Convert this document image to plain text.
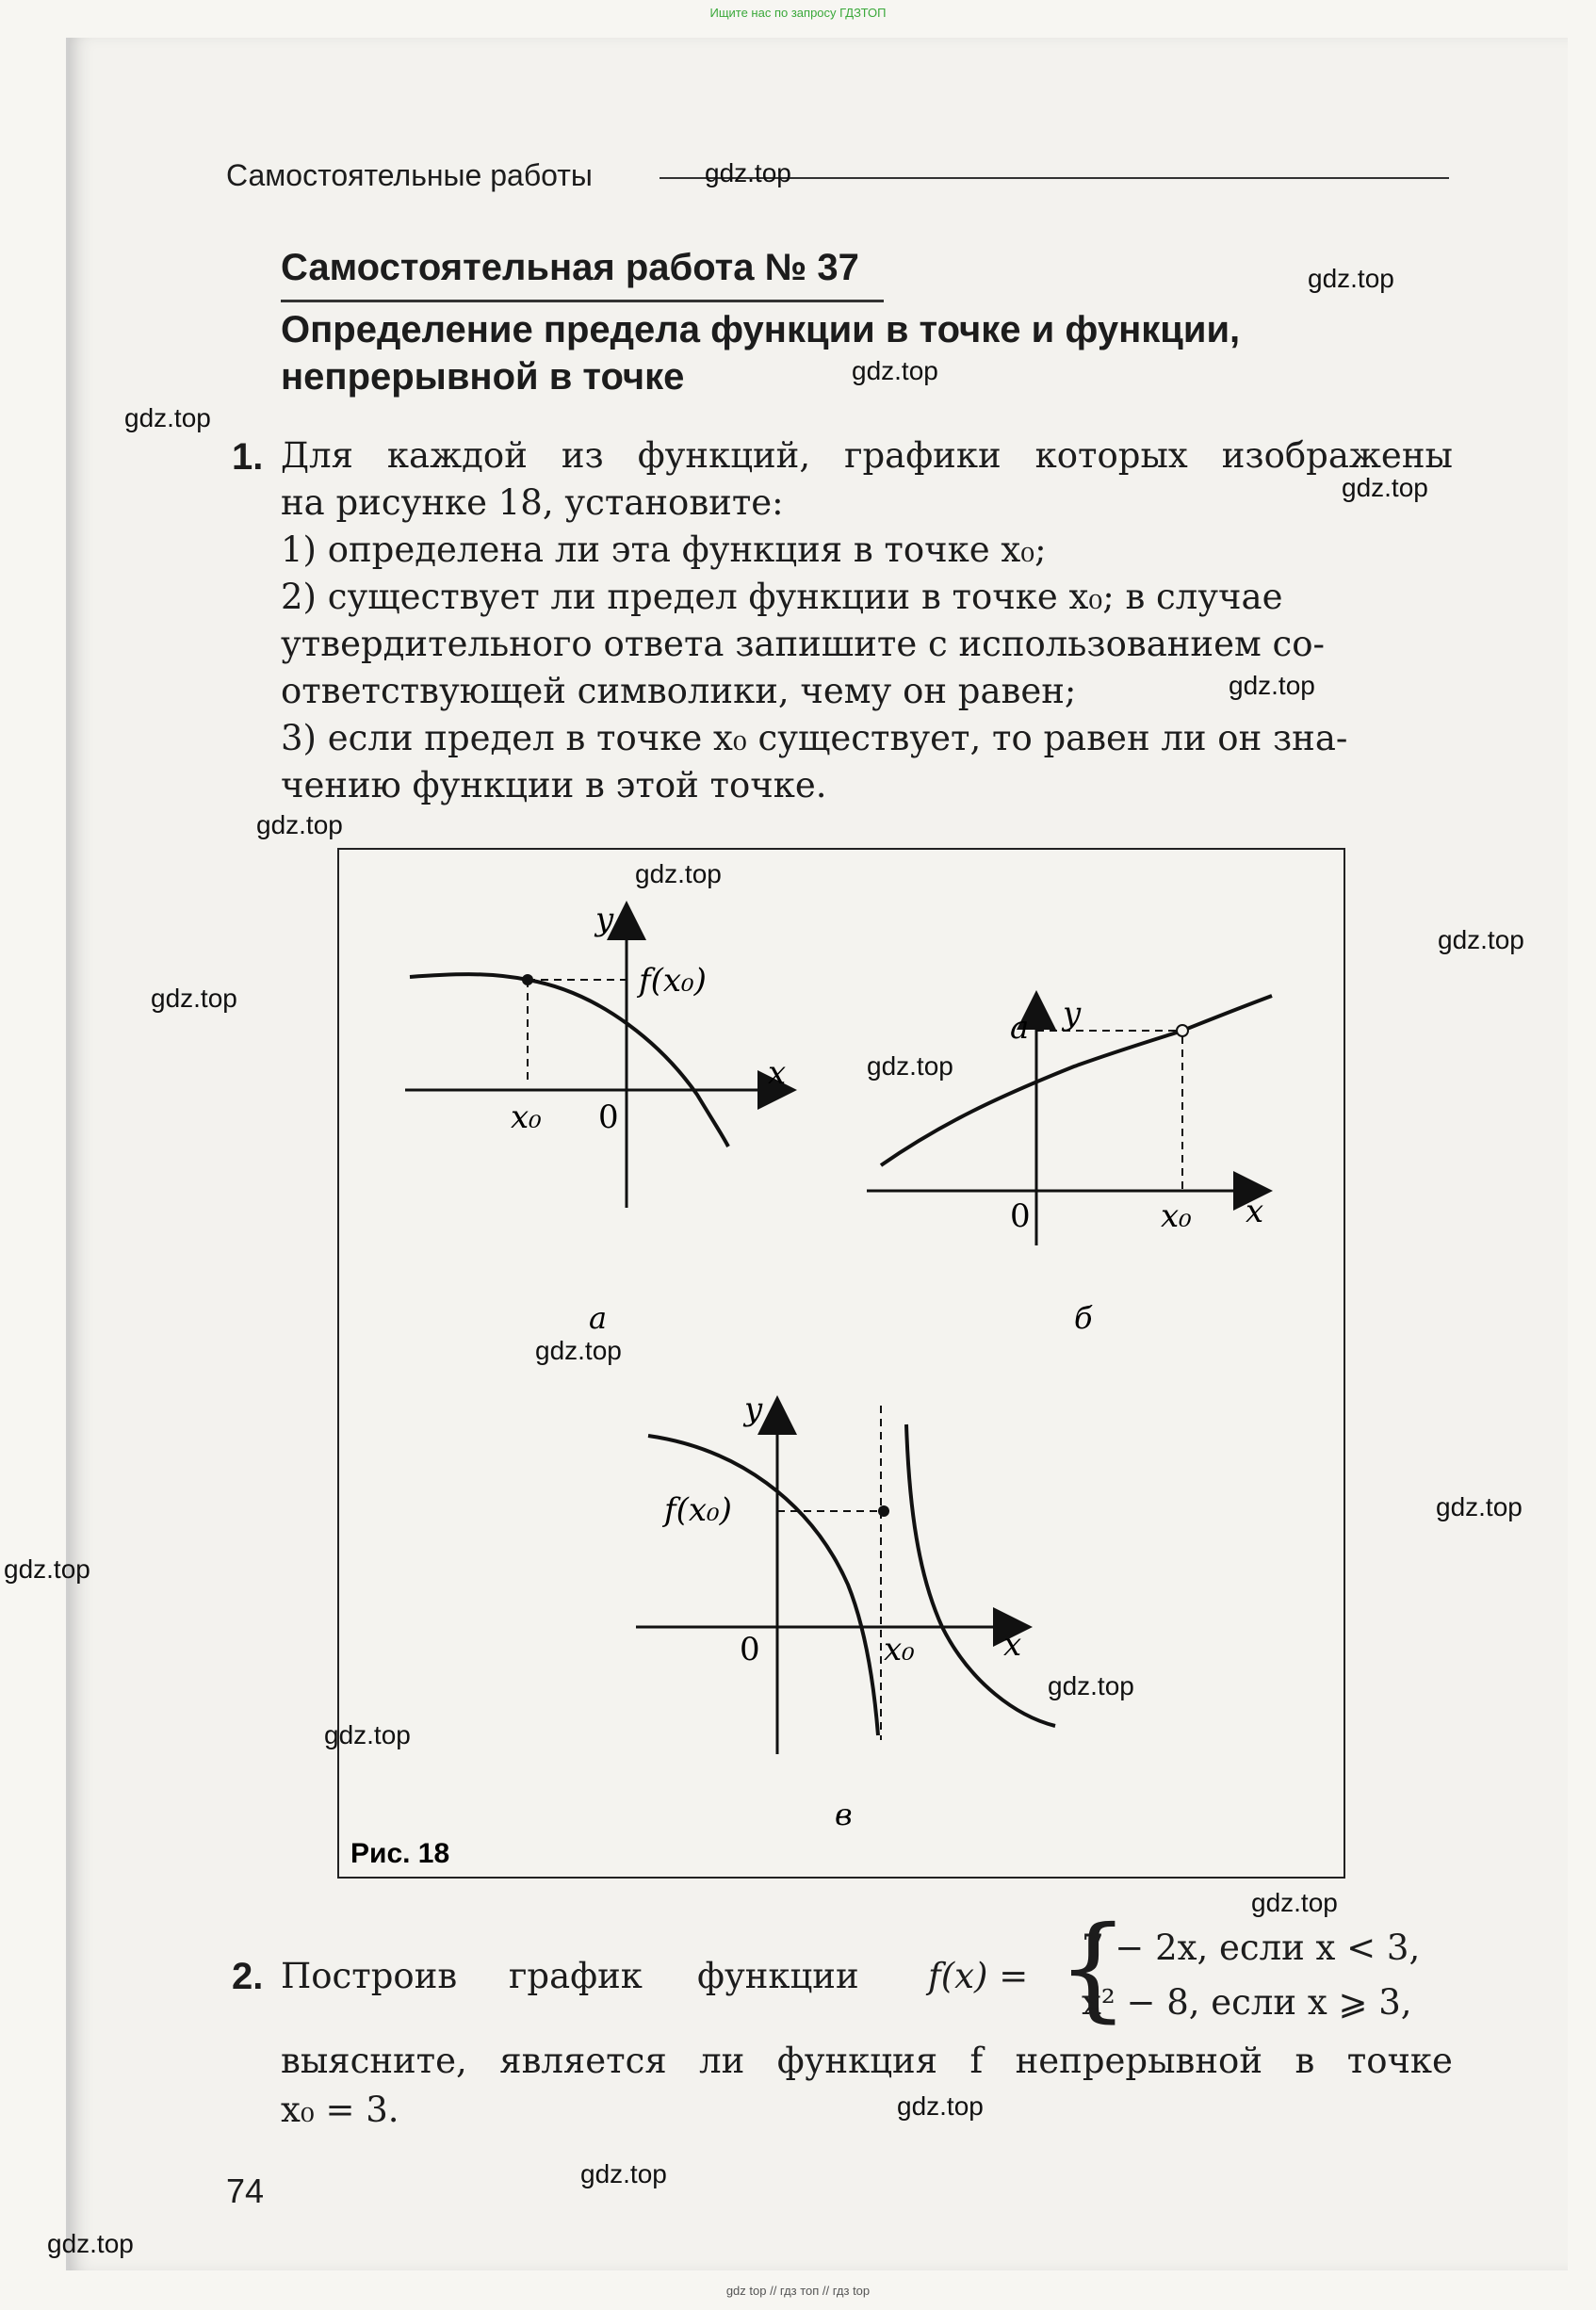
Ищите нас по запросу ГДЗТОП

Самостоятельные работы
Самостоятельная работа № 37
Определение предела функции в точке и функции,
непрерывной в точке
1. Для каждой из функций, графики которых изображены
на рисунке 18, установите:
1) определена ли эта функция в точке x₀;
2) существует ли предел функции в точке x₀; в случае
утвердительного ответа запишите с использованием со-
ответствующей символики, чему он равен;
3) если предел в точке x₀ существует, то равен ли он зна-
чению функции в этой точке.
y
x
0
x₀
f(x₀)
а
y
x
0	x₀
a
б
y
x
0	x₀
f(x₀)
в
Рис. 18
2. Построив график функции f(x) = {
7 − 2x, если x < 3,
x² − 8, если x ⩾ 3,
выясните, является ли функция f непрерывной в точке
x₀ = 3.
74
gdz.top
gdz.top
gdz.top
gdz.top
gdz.top
gdz.top
gdz.top
gdz.top
gdz.top
gdz.top
gdz.top
gdz.top
gdz.top
gdz.top
gdz.top
gdz.top
gdz.top
gdz.top
gdz.top
gdz.top
gdz top // гдз топ // гдз top
